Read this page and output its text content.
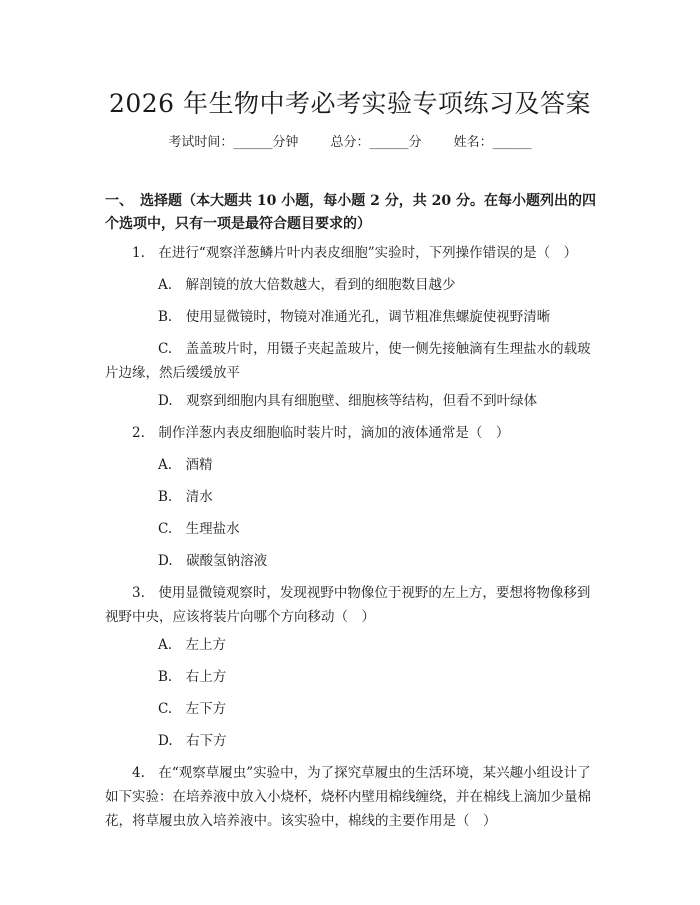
2026 年生物中考必考实验专项练习及答案
考试时间：______分钟 总分：______分 姓名：______
一、　选择题（本大题共 10 小题，每小题 2 分，共 20 分。在每小题列出的四个选项中，只有一项是最符合题目要求的）
1.　在进行“观察洋葱鳞片叶内表皮细胞”实验时，下列操作错误的是（　）
A.　解剖镜的放大倍数越大，看到的细胞数目越少
B.　使用显微镜时，物镜对准通光孔，调节粗准焦螺旋使视野清晰
C.　盖盖玻片时，用镊子夹起盖玻片，使一侧先接触滴有生理盐水的载玻片边缘，然后缓缓放平
D.　观察到细胞内具有细胞壁、细胞核等结构，但看不到叶绿体
2.　制作洋葱内表皮细胞临时装片时，滴加的液体通常是（　）
A.　酒精
B.　清水
C.　生理盐水
D.　碳酸氢钠溶液
3.　使用显微镜观察时，发现视野中物像位于视野的左上方，要想将物像移到视野中央，应该将装片向哪个方向移动（　）
A.　左上方
B.　右上方
C.　左下方
D.　右下方
4.　在“观察草履虫”实验中，为了探究草履虫的生活环境，某兴趣小组设计了如下实验：在培养液中放入小烧杯，烧杯内壁用棉线缠绕，并在棉线上滴加少量棉花，将草履虫放入培养液中。该实验中，棉线的主要作用是（　）
